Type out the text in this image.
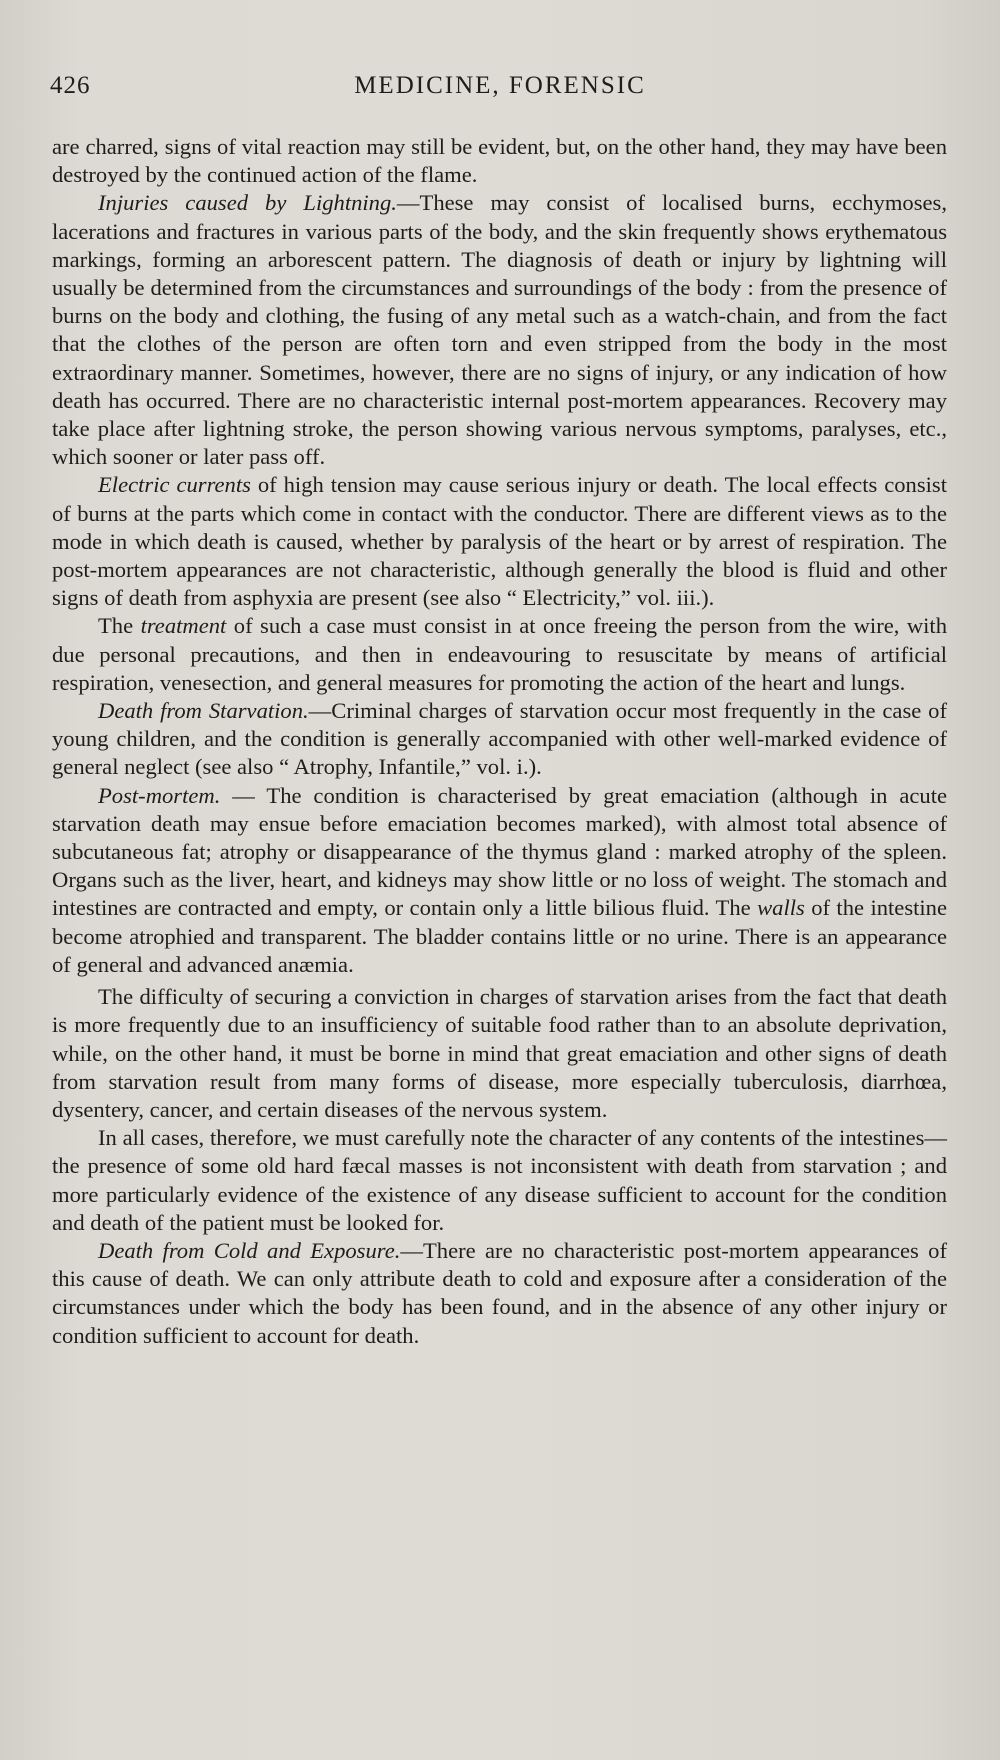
426	MEDICINE, FORENSIC

are charred, signs of vital reaction may still be evident, but, on the other hand, they may have been destroyed by the continued action of the flame.

Injuries caused by Lightning.—These may consist of localised burns, ecchymoses, lacerations and fractures in various parts of the body, and the skin frequently shows erythematous markings, forming an arborescent pattern. The diagnosis of death or injury by lightning will usually be determined from the circumstances and surroundings of the body : from the presence of burns on the body and clothing, the fusing of any metal such as a watch-chain, and from the fact that the clothes of the person are often torn and even stripped from the body in the most extraordinary manner. Sometimes, however, there are no signs of injury, or any indication of how death has occurred. There are no characteristic internal post-mortem appearances. Recovery may take place after lightning stroke, the person showing various nervous symptoms, paralyses, etc., which sooner or later pass off.

Electric currents of high tension may cause serious injury or death. The local effects consist of burns at the parts which come in contact with the conductor. There are different views as to the mode in which death is caused, whether by paralysis of the heart or by arrest of respiration. The post-mortem appearances are not characteristic, although generally the blood is fluid and other signs of death from asphyxia are present (see also “ Electricity,” vol. iii.).

The treatment of such a case must consist in at once freeing the person from the wire, with due personal precautions, and then in endeavouring to resuscitate by means of artificial respiration, venesection, and general measures for promoting the action of the heart and lungs.

Death from Starvation.—Criminal charges of starvation occur most frequently in the case of young children, and the condition is generally accompanied with other well-marked evidence of general neglect (see also “ Atrophy, Infantile,” vol. i.).

Post-mortem. — The condition is characterised by great emaciation (although in acute starvation death may ensue before emaciation becomes marked), with almost total absence of subcutaneous fat; atrophy or disappearance of the thymus gland : marked atrophy of the spleen. Organs such as the liver, heart, and kidneys may show little or no loss of weight. The stomach and intestines are contracted and empty, or contain only a little bilious fluid. The walls of the intestine become atrophied and transparent. The bladder contains little or no urine. There is an appearance of general and advanced anæmia.

The difficulty of securing a conviction in charges of starvation arises from the fact that death is more frequently due to an insufficiency of suitable food rather than to an absolute deprivation, while, on the other hand, it must be borne in mind that great emaciation and other signs of death from starvation result from many forms of disease, more especially tuberculosis, diarrhœa, dysentery, cancer, and certain diseases of the nervous system.

In all cases, therefore, we must carefully note the character of any contents of the intestines—the presence of some old hard fæcal masses is not inconsistent with death from starvation ; and more particularly evidence of the existence of any disease sufficient to account for the condition and death of the patient must be looked for.

Death from Cold and Exposure.—There are no characteristic post-mortem appearances of this cause of death. We can only attribute death to cold and exposure after a consideration of the circumstances under which the body has been found, and in the absence of any other injury or condition sufficient to account for death.
